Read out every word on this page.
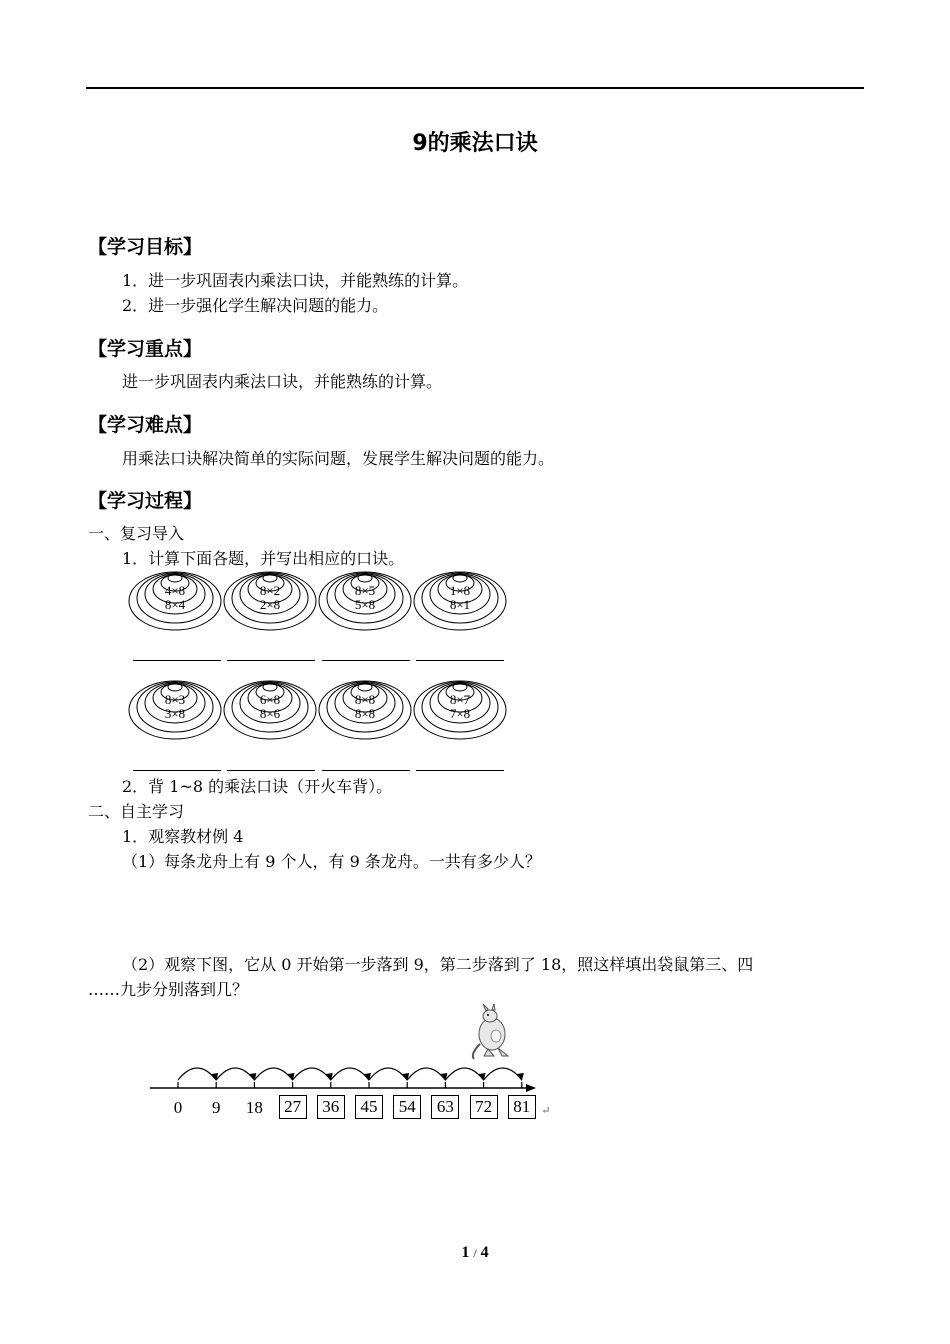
9的乘法口诀
【学习目标】
1．进一步巩固表内乘法口诀，并能熟练的计算。
2．进一步强化学生解决问题的能力。
【学习重点】
进一步巩固表内乘法口诀，并能熟练的计算。
【学习难点】
用乘法口诀解决简单的实际问题，发展学生解决问题的能力。
【学习过程】
一、复习导入
1．计算下面各题，并写出相应的口诀。
4×8
8×4
8×2
2×8
8×5
5×8
1×8
8×1
8×3
3×8
6×8
8×6
8×8
8×8
8×7
7×8
2．背 1~8 的乘法口诀（开火车背）。
二、自主学习
1．观察教材例 4
（1）每条龙舟上有 9 个人，有 9 条龙舟。一共有多少人？
（2）观察下图，它从 0 开始第一步落到 9，第二步落到了 18，照这样填出袋鼠第三、四
……九步分别落到几？
0	9	18	27	36	45	54	63	72	81 ↵
1 / 4
